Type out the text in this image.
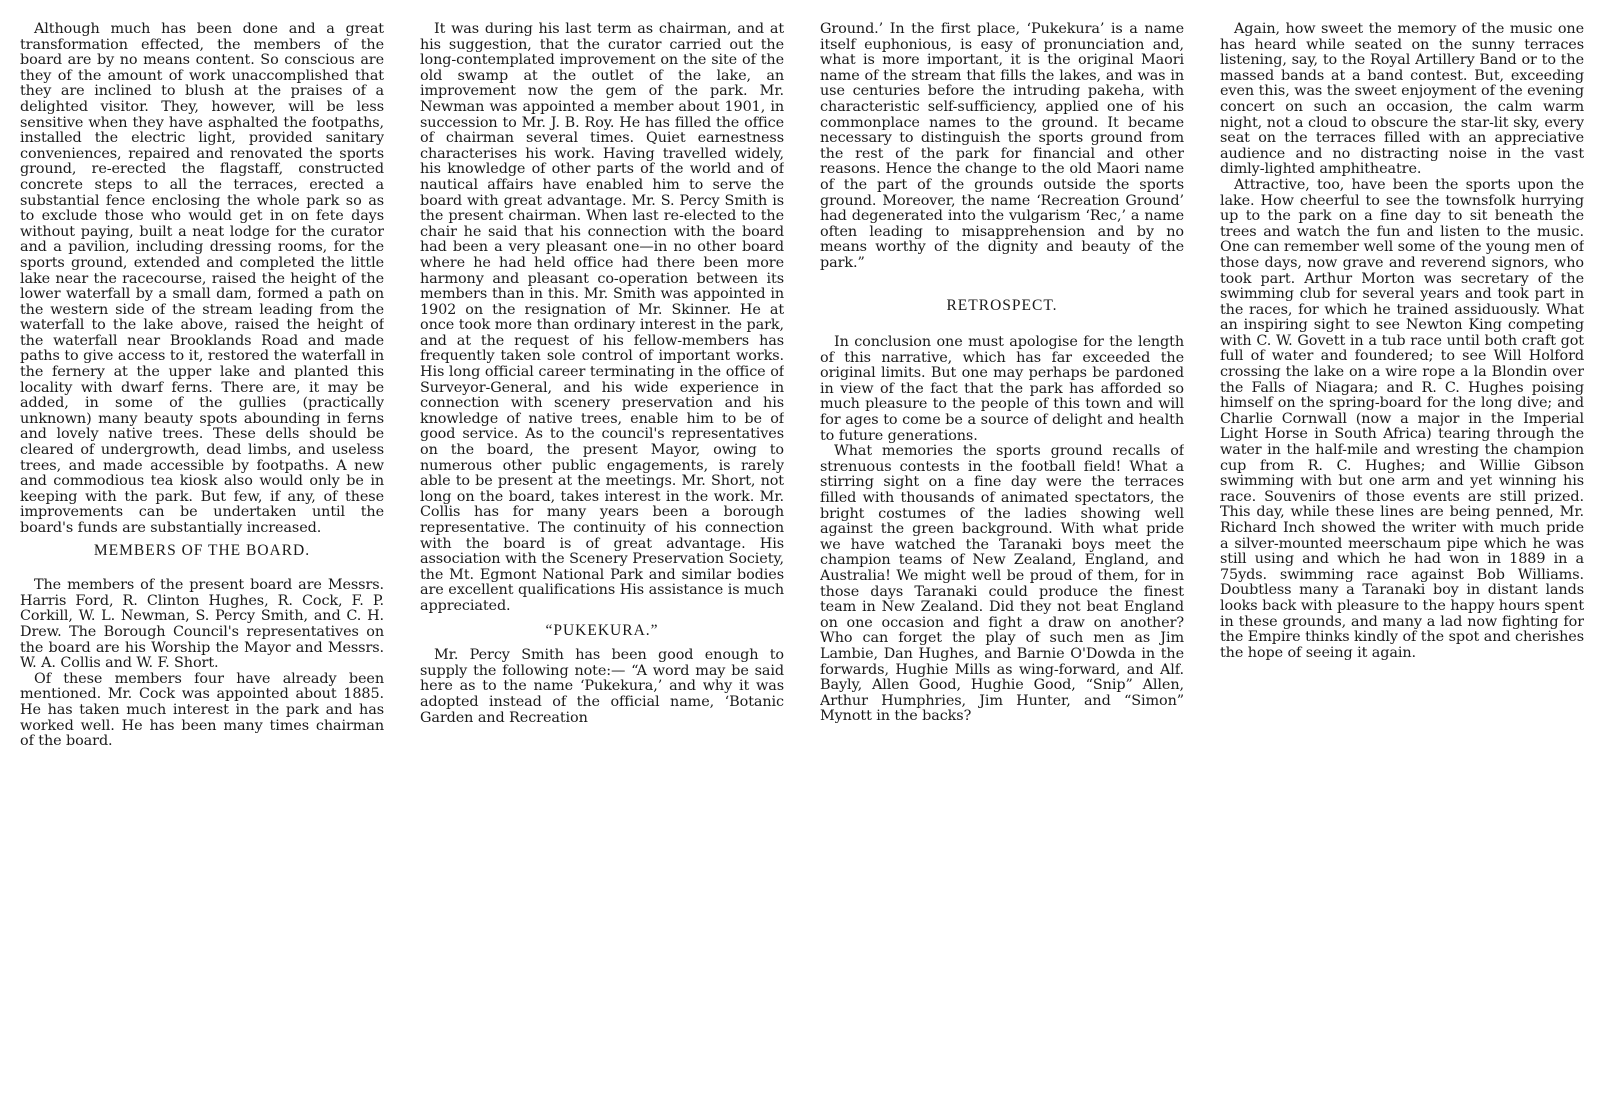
Although much has been done and a great transformation effected, the members of the board are by no means content. So conscious are they of the amount of work unaccomplished that they are inclined to blush at the praises of a delighted visitor. They, however, will be less sensitive when they have asphalted the footpaths, installed the electric light, provided sanitary conveniences, repaired and renovated the sports ground, re-erected the flagstaff, constructed concrete steps to all the terraces, erected a substantial fence enclosing the whole park so as to exclude those who would get in on fete days without paying, built a neat lodge for the curator and a pavilion, including dressing rooms, for the sports ground, extended and completed the little lake near the racecourse, raised the height of the lower waterfall by a small dam, formed a path on the western side of the stream leading from the waterfall to the lake above, raised the height of the waterfall near Brooklands Road and made paths to give access to it, restored the waterfall in the fernery at the upper lake and planted this locality with dwarf ferns. There are, it may be added, in some of the gullies (practically unknown) many beauty spots abounding in ferns and lovely native trees. These dells should be cleared of undergrowth, dead limbs, and useless trees, and made accessible by footpaths. A new and commodious tea kiosk also would only be in keeping with the park. But few, if any, of these improvements can be undertaken until the board's funds are substantially increased.

MEMBERS OF THE BOARD.

The members of the present board are Messrs. Harris Ford, R. Clinton Hughes, R. Cock, F. P. Corkill, W. L. Newman, S. Percy Smith, and C. H. Drew. The Borough Council's representatives on the board are his Worship the Mayor and Messrs. W. A. Collis and W. F. Short.

Of these members four have already been mentioned. Mr. Cock was appointed about 1885. He has taken much interest in the park and has worked well. He has been many times chairman of the board.

It was during his last term as chairman, and at his suggestion, that the curator carried out the long-contemplated improvement on the site of the old swamp at the outlet of the lake, an improvement now the gem of the park. Mr. Newman was appointed a member about 1901, in succession to Mr. J. B. Roy. He has filled the office of chairman several times. Quiet earnestness characterises his work. Having travelled widely, his knowledge of other parts of the world and of nautical affairs have enabled him to serve the board with great advantage. Mr. S. Percy Smith is the present chairman. When last re-elected to the chair he said that his connection with the board had been a very pleasant one—in no other board where he had held office had there been more harmony and pleasant co-operation between its members than in this. Mr. Smith was appointed in 1902 on the resignation of Mr. Skinner. He at once took more than ordinary interest in the park, and at the request of his fellow-members has frequently taken sole control of important works. His long official career terminating in the office of Surveyor-General, and his wide experience in connection with scenery preservation and his knowledge of native trees, enable him to be of good service. As to the council's representatives on the board, the present Mayor, owing to numerous other public engagements, is rarely able to be present at the meetings. Mr. Short, not long on the board, takes interest in the work. Mr. Collis has for many years been a borough representative. The continuity of his connection with the board is of great advantage. His association with the Scenery Preservation Society, the Mt. Egmont National Park and similar bodies are excellent qualifications His assistance is much appreciated.

“PUKEKURA.”

Mr. Percy Smith has been good enough to supply the following note:— “A word may be said here as to the name ‘Pukekura,’ and why it was adopted instead of the official name, ‘Botanic Garden and Recreation

Ground.’ In the first place, ‘Pukekura’ is a name itself euphonious, is easy of pronunciation and, what is more important, it is the original Maori name of the stream that fills the lakes, and was in use centuries before the intruding pakeha, with characteristic self-sufficiency, applied one of his commonplace names to the ground. It became necessary to distinguish the sports ground from the rest of the park for financial and other reasons. Hence the change to the old Maori name of the part of the grounds outside the sports ground. Moreover, the name ‘Recreation Ground’ had degenerated into the vulgarism ‘Rec,’ a name often leading to misapprehension and by no means worthy of the dignity and beauty of the park.”

RETROSPECT.

In conclusion one must apologise for the length of this narrative, which has far exceeded the original limits. But one may perhaps be pardoned in view of the fact that the park has afforded so much pleasure to the people of this town and will for ages to come be a source of delight and health to future generations.

What memories the sports ground recalls of strenuous contests in the football field! What a stirring sight on a fine day were the terraces filled with thousands of animated spectators, the bright costumes of the ladies showing well against the green background. With what pride we have watched the Taranaki boys meet the champion teams of New Zealand, England, and Australia! We might well be proud of them, for in those days Taranaki could produce the finest team in New Zealand. Did they not beat England on one occasion and fight a draw on another? Who can forget the play of such men as Jim Lambie, Dan Hughes, and Barnie O'Dowda in the forwards, Hughie Mills as wing-forward, and Alf. Bayly, Allen Good, Hughie Good, “Snip” Allen, Arthur Humphries, Jim Hunter, and “Simon” Mynott in the backs?

Again, how sweet the memory of the music one has heard while seated on the sunny terraces listening, say, to the Royal Artillery Band or to the massed bands at a band contest. But, exceeding even this, was the sweet enjoyment of the evening concert on such an occasion, the calm warm night, not a cloud to obscure the star-lit sky, every seat on the terraces filled with an appreciative audience and no distracting noise in the vast dimly-lighted amphitheatre.

Attractive, too, have been the sports upon the lake. How cheerful to see the townsfolk hurrying up to the park on a fine day to sit beneath the trees and watch the fun and listen to the music. One can remember well some of the young men of those days, now grave and reverend signors, who took part. Arthur Morton was secretary of the swimming club for several years and took part in the races, for which he trained assiduously. What an inspiring sight to see Newton King competing with C. W. Govett in a tub race until both craft got full of water and foundered; to see Will Holford crossing the lake on a wire rope a la Blondin over the Falls of Niagara; and R. C. Hughes poising himself on the spring-board for the long dive; and Charlie Cornwall (now a major in the Imperial Light Horse in South Africa) tearing through the water in the half-mile and wresting the champion cup from R. C. Hughes; and Willie Gibson swimming with but one arm and yet winning his race. Souvenirs of those events are still prized. This day, while these lines are being penned, Mr. Richard Inch showed the writer with much pride a silver-mounted meerschaum pipe which he was still using and which he had won in 1889 in a 75yds. swimming race against Bob Williams. Doubtless many a Taranaki boy in distant lands looks back with pleasure to the happy hours spent in these grounds, and many a lad now fighting for the Empire thinks kindly of the spot and cherishes the hope of seeing it again.
